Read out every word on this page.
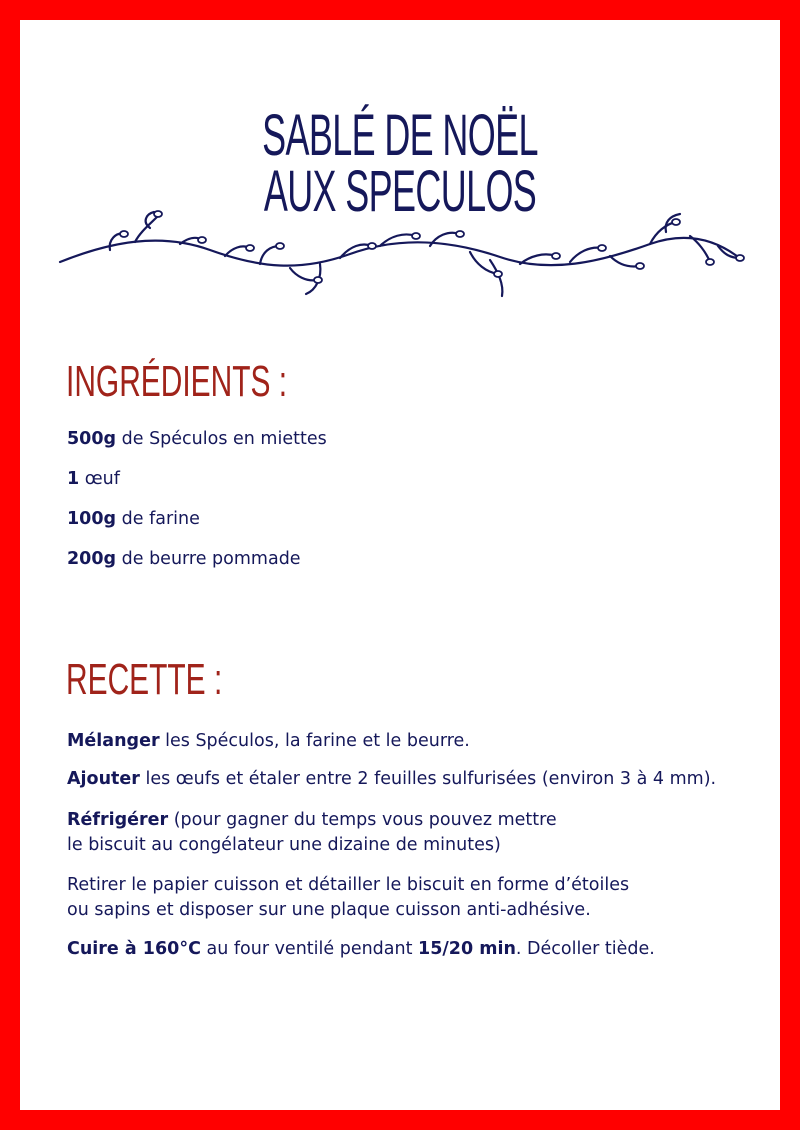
SABLÉ DE NOËL
AUX SPECULOS
INGRÉDIENTS :
500g de Spéculos en miettes
1 œuf
100g de farine
200g de beurre pommade
RECETTE :
Mélanger les Spéculos, la farine et le beurre.
Ajouter les œufs et étaler entre 2 feuilles sulfurisées (environ 3 à 4 mm).
Réfrigérer (pour gagner du temps vous pouvez mettre
le biscuit au congélateur une dizaine de minutes)
Retirer le papier cuisson et détailler le biscuit en forme d’étoiles
ou sapins et disposer sur une plaque cuisson anti-adhésive.
Cuire à 160°C au four ventilé pendant 15/20 min. Décoller tiède.
